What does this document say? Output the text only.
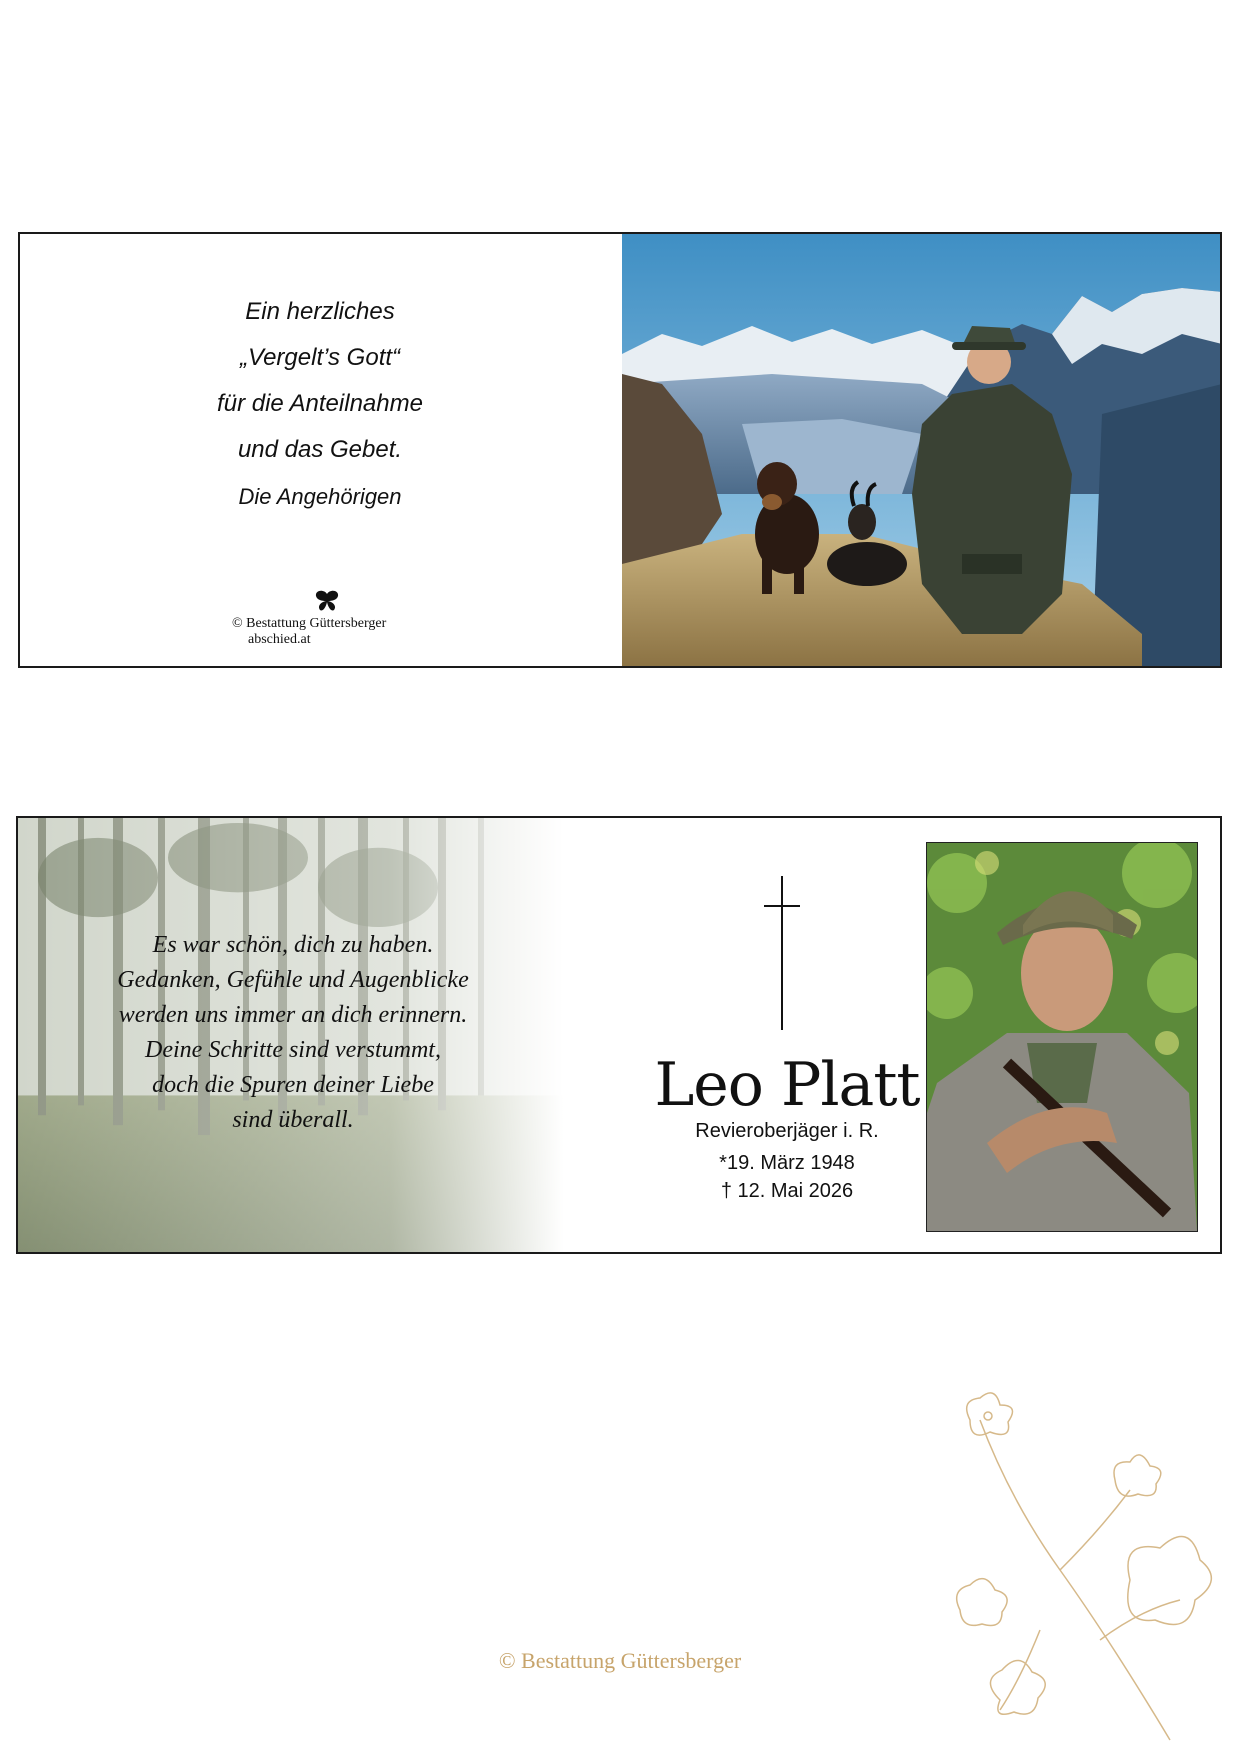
Ein herzliches
„Vergelt’s Gott“
für die Anteilnahme
und das Gebet.
Die Angehörigen
© Bestattung Güttersberger
abschied.at
Es war schön, dich zu haben.
Gedanken, Gefühle und Augenblicke
werden uns immer an dich erinnern.
Deine Schritte sind verstummt,
doch die Spuren deiner Liebe
sind überall.	Leo Platt
Revieroberjäger i. R.
*19. März 1948
† 12. Mai 2026
© Bestattung Güttersberger
